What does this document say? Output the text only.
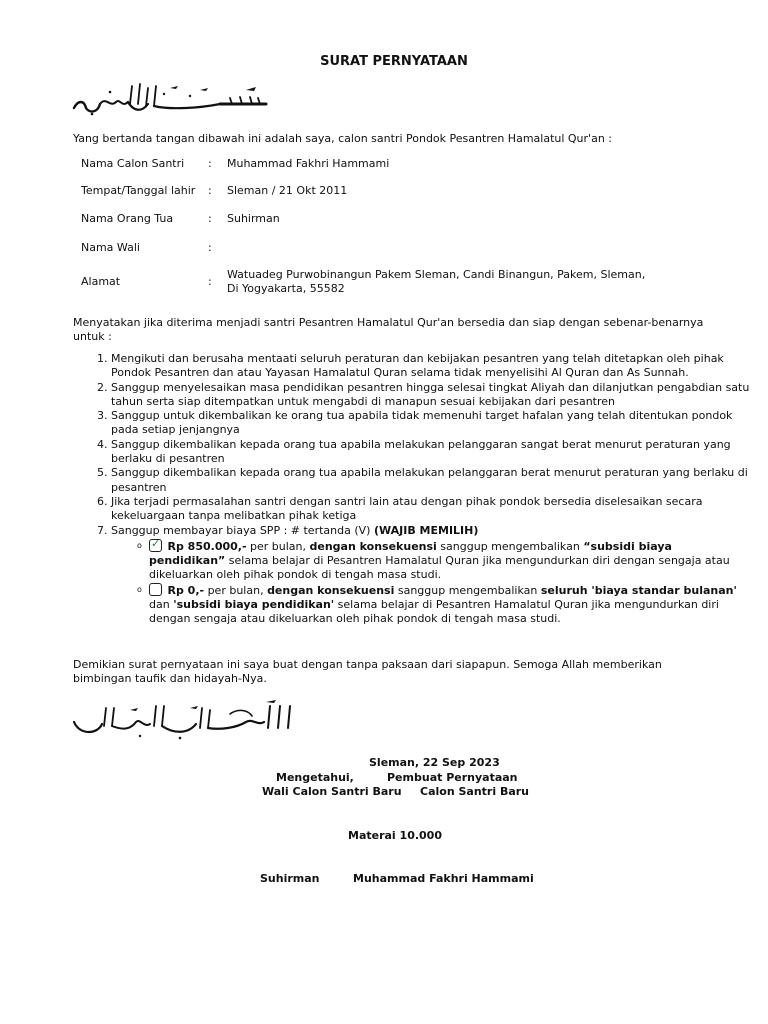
SURAT PERNYATAAN
Yang bertanda tangan dibawah ini adalah saya, calon santri Pondok Pesantren Hamalatul Qur'an :
Nama Calon Santri	:	Muhammad Fakhri Hammami
Tempat/Tanggal lahir	:	Sleman / 21 Okt 2011
Nama Orang Tua	:	Suhirman
Nama Wali	:	
Alamat	:	Watuadeg Purwobinangun Pakem Sleman, Candi Binangun, Pakem, Sleman, Di Yogyakarta, 55582
Menyatakan jika diterima menjadi santri Pesantren Hamalatul Qur'an bersedia dan siap dengan sebenar-benarnya untuk :
1. Mengikuti dan berusaha mentaati seluruh peraturan dan kebijakan pesantren yang telah ditetapkan oleh pihak Pondok Pesantren dan atau Yayasan Hamalatul Quran selama tidak menyelisihi Al Quran dan As Sunnah.
2. Sanggup menyelesaikan masa pendidikan pesantren hingga selesai tingkat Aliyah dan dilanjutkan pengabdian satu tahun serta siap ditempatkan untuk mengabdi di manapun sesuai kebijakan dari pesantren
3. Sanggup untuk dikembalikan ke orang tua apabila tidak memenuhi target hafalan yang telah ditentukan pondok pada setiap jenjangnya
4. Sanggup dikembalikan kepada orang tua apabila melakukan pelanggaran sangat berat menurut peraturan yang berlaku di pesantren
5. Sanggup dikembalikan kepada orang tua apabila melakukan pelanggaran berat menurut peraturan yang berlaku di pesantren
6. Jika terjadi permasalahan santri dengan santri lain atau dengan pihak pondok bersedia diselesaikan secara kekeluargaan tanpa melibatkan pihak ketiga
7. Sanggup membayar biaya SPP : # tertanda (V) (WAJIB MEMILIH)
o ✓ Rp 850.000,- per bulan, dengan konsekuensi sanggup mengembalikan “subsidi biaya pendidikan” selama belajar di Pesantren Hamalatul Quran jika mengundurkan diri dengan sengaja atau dikeluarkan oleh pihak pondok di tengah masa studi.
o Rp 0,- per bulan, dengan konsekuensi sanggup mengembalikan seluruh 'biaya standar bulanan' dan 'subsidi biaya pendidikan' selama belajar di Pesantren Hamalatul Quran jika mengundurkan diri dengan sengaja atau dikeluarkan oleh pihak pondok di tengah masa studi.
Demikian surat pernyataan ini saya buat dengan tanpa paksaan dari siapapun. Semoga Allah memberikan bimbingan taufik dan hidayah-Nya.
Sleman, 22 Sep 2023
Mengetahui,	Pembuat Pernyataan
Wali Calon Santri Baru Calon Santri Baru
Materai 10.000
Suhirman	Muhammad Fakhri Hammami
